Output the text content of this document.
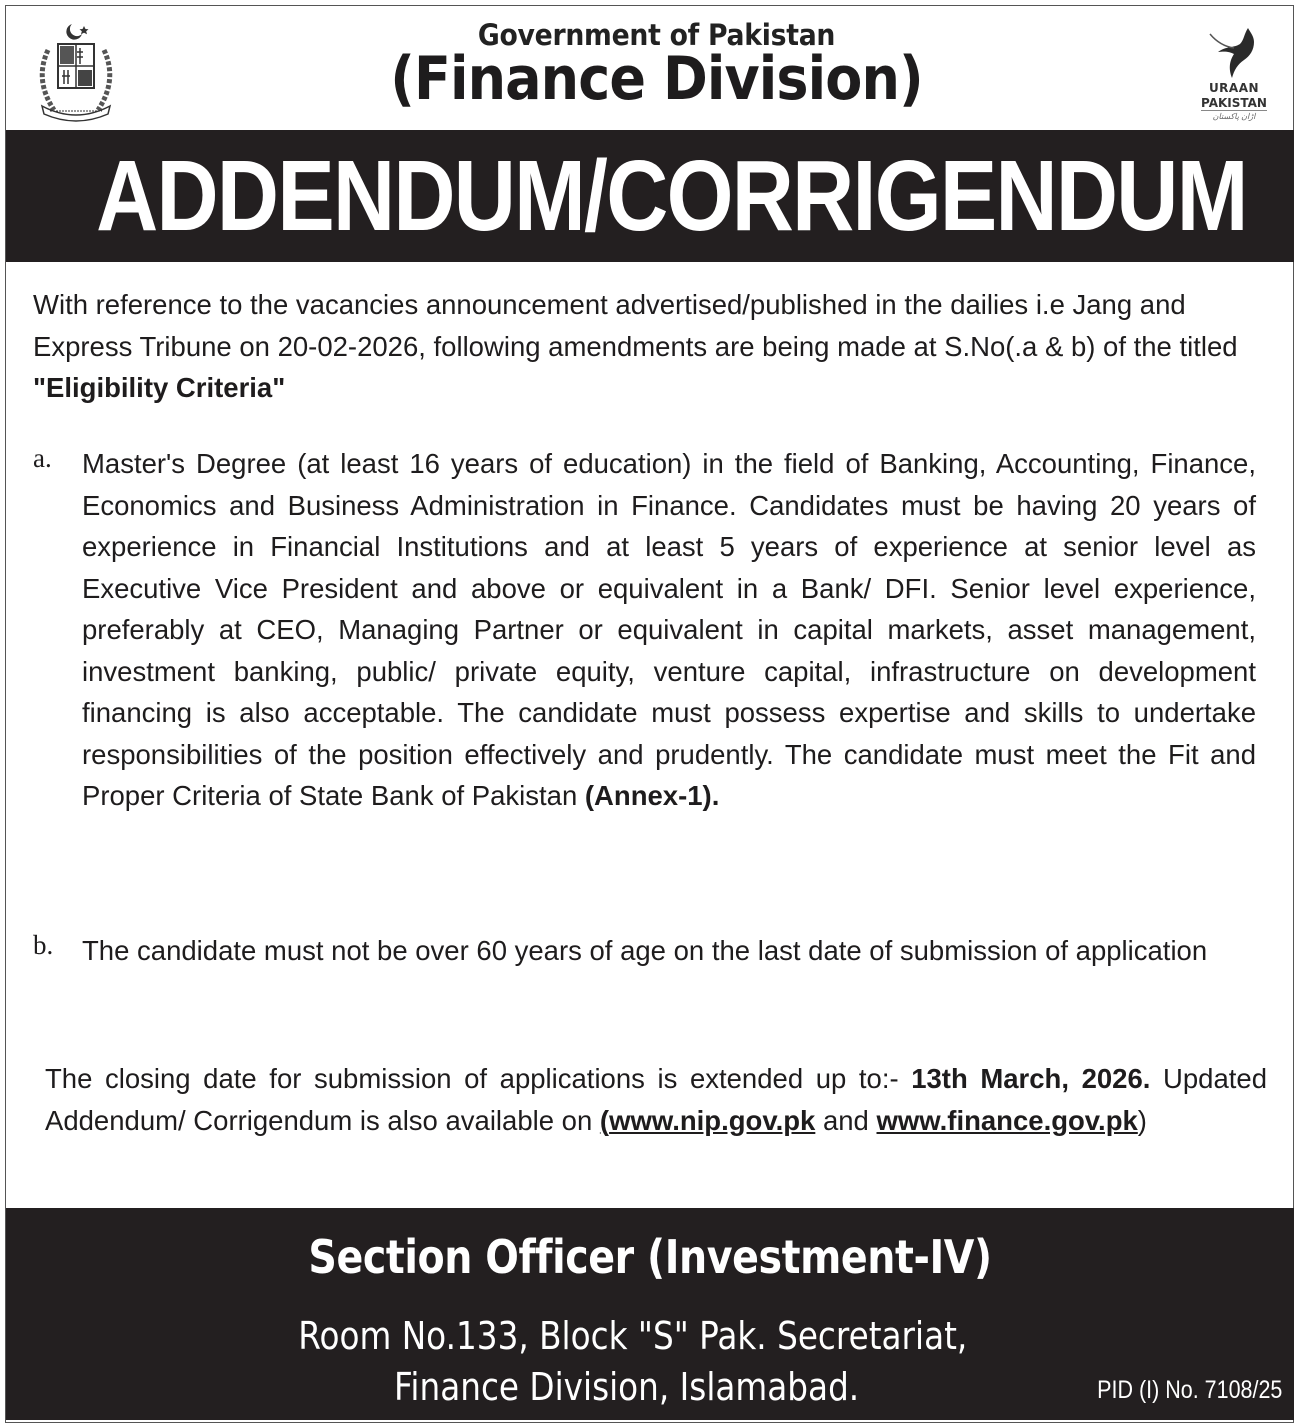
Government of Pakistan
(Finance Division)	URAAN
PAKISTAN
اڑان پاکستان
ADDENDUM/CORRIGENDUM
With reference to the vacancies announcement advertised/published in the dailies i.e Jang and Express Tribune on 20-02-2026, following amendments are being made at S.No(.a & b) of the titled "Eligibility Criteria"
a. Master's Degree (at least 16 years of education) in the field of Banking, Accounting, Finance, Economics and Business Administration in Finance. Candidates must be having 20 years of experience in Financial Institutions and at least 5 years of experience at senior level as Executive Vice President and above or equivalent in a Bank/ DFI. Senior level experience, preferably at CEO, Managing Partner or equivalent in capital markets, asset management, investment banking, public/ private equity, venture capital, infrastructure on development financing is also acceptable. The candidate must possess expertise and skills to undertake responsibilities of the position effectively and prudently. The candidate must meet the Fit and Proper Criteria of State Bank of Pakistan (Annex-1).
b. The candidate must not be over 60 years of age on the last date of submission of application
The closing date for submission of applications is extended up to:- 13th March, 2026. Updated Addendum/ Corrigendum is also available on (www.nip.gov.pk and www.finance.gov.pk)
Section Officer (Investment-IV)
Room No.133, Block "S" Pak. Secretariat,
Finance Division, Islamabad.	PID (I) No. 7108/25
